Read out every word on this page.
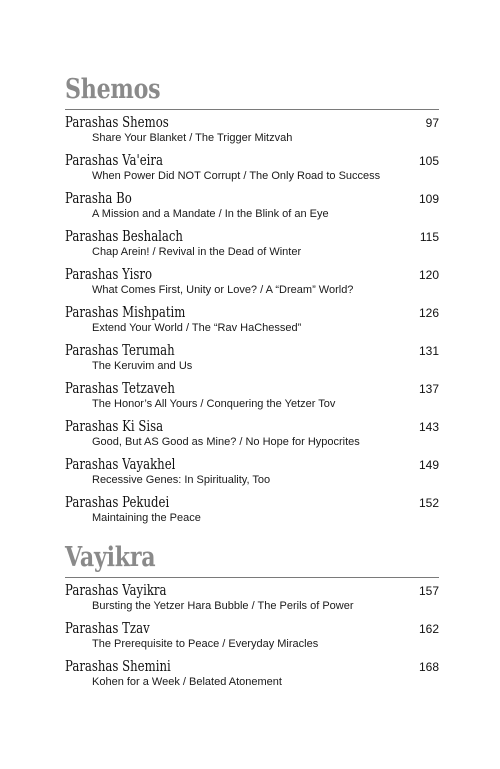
Shemos
Parashas Shemos	97
Share Your Blanket / The Trigger Mitzvah
Parashas Va'eira	105
When Power Did NOT Corrupt / The Only Road to Success
Parasha Bo	109
A Mission and a Mandate / In the Blink of an Eye
Parashas Beshalach	115
Chap Arein! / Revival in the Dead of Winter
Parashas Yisro	120
What Comes First, Unity or Love? / A “Dream” World?
Parashas Mishpatim	126
Extend Your World / The “Rav HaChessed”
Parashas Terumah	131
The Keruvim and Us
Parashas Tetzaveh	137
The Honor’s All Yours / Conquering the Yetzer Tov
Parashas Ki Sisa	143
Good, But AS Good as Mine? / No Hope for Hypocrites
Parashas Vayakhel	149
Recessive Genes: In Spirituality, Too
Parashas Pekudei	152
Maintaining the Peace
Vayikra
Parashas Vayikra	157
Bursting the Yetzer Hara Bubble / The Perils of Power
Parashas Tzav	162
The Prerequisite to Peace / Everyday Miracles
Parashas Shemini	168
Kohen for a Week / Belated Atonement
